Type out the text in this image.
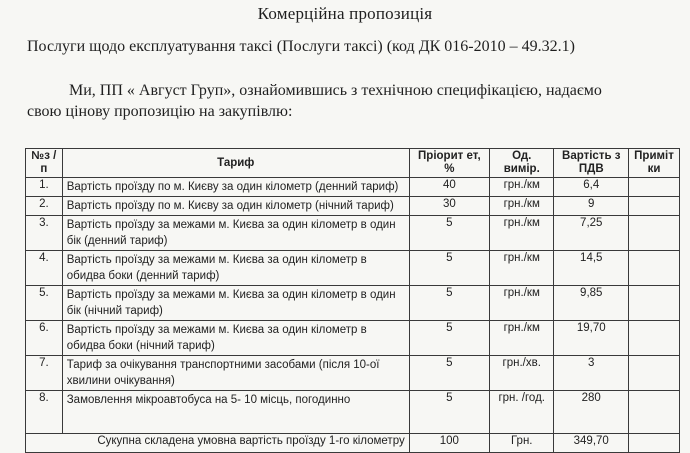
Комерційна пропозиція
Послуги щодо експлуатування таксі (Послуги таксі) (код ДК 016-2010 – 49.32.1)
Ми, ПП « Август Груп», ознайомившись з технічною специфікацією, надаємо
свою цінову пропозицію на закупівлю:
№з /п	Тариф	Пріорит ет, %	Од. вимір.	Вартість з ПДВ	Приміт ки
1.	Вартість проїзду по м. Києву за один кілометр (денний тариф)	40	грн./км	6,4	
2.	Вартість проїзду по м. Києву за один кілометр (нічний тариф)	30	грн./км	9	
3.	Вартість проїзду за межами м. Києва за один кілометр в один бік (денний тариф)	5	грн./км	7,25	
4.	Вартість проїзду за межами м. Києва за один кілометр в обидва боки (денний тариф)	5	грн./км	14,5	
5.	Вартість проїзду за межами м. Києва за один кілометр в один бік (нічний тариф)	5	грн./км	9,85	
6.	Вартість проїзду за межами м. Києва за один кілометр в обидва боки (нічний тариф)	5	грн./км	19,70	
7.	Тариф за очікування транспортними засобами (після 10-ої хвилини очікування)	5	грн./хв.	3	
8.	Замовлення мікроавтобуса на 5- 10 місць, погодинно	5	грн. /год.	280	
	Сукупна складена умовна вартість проїзду 1-го кілометру	100	Грн.	349,70	
